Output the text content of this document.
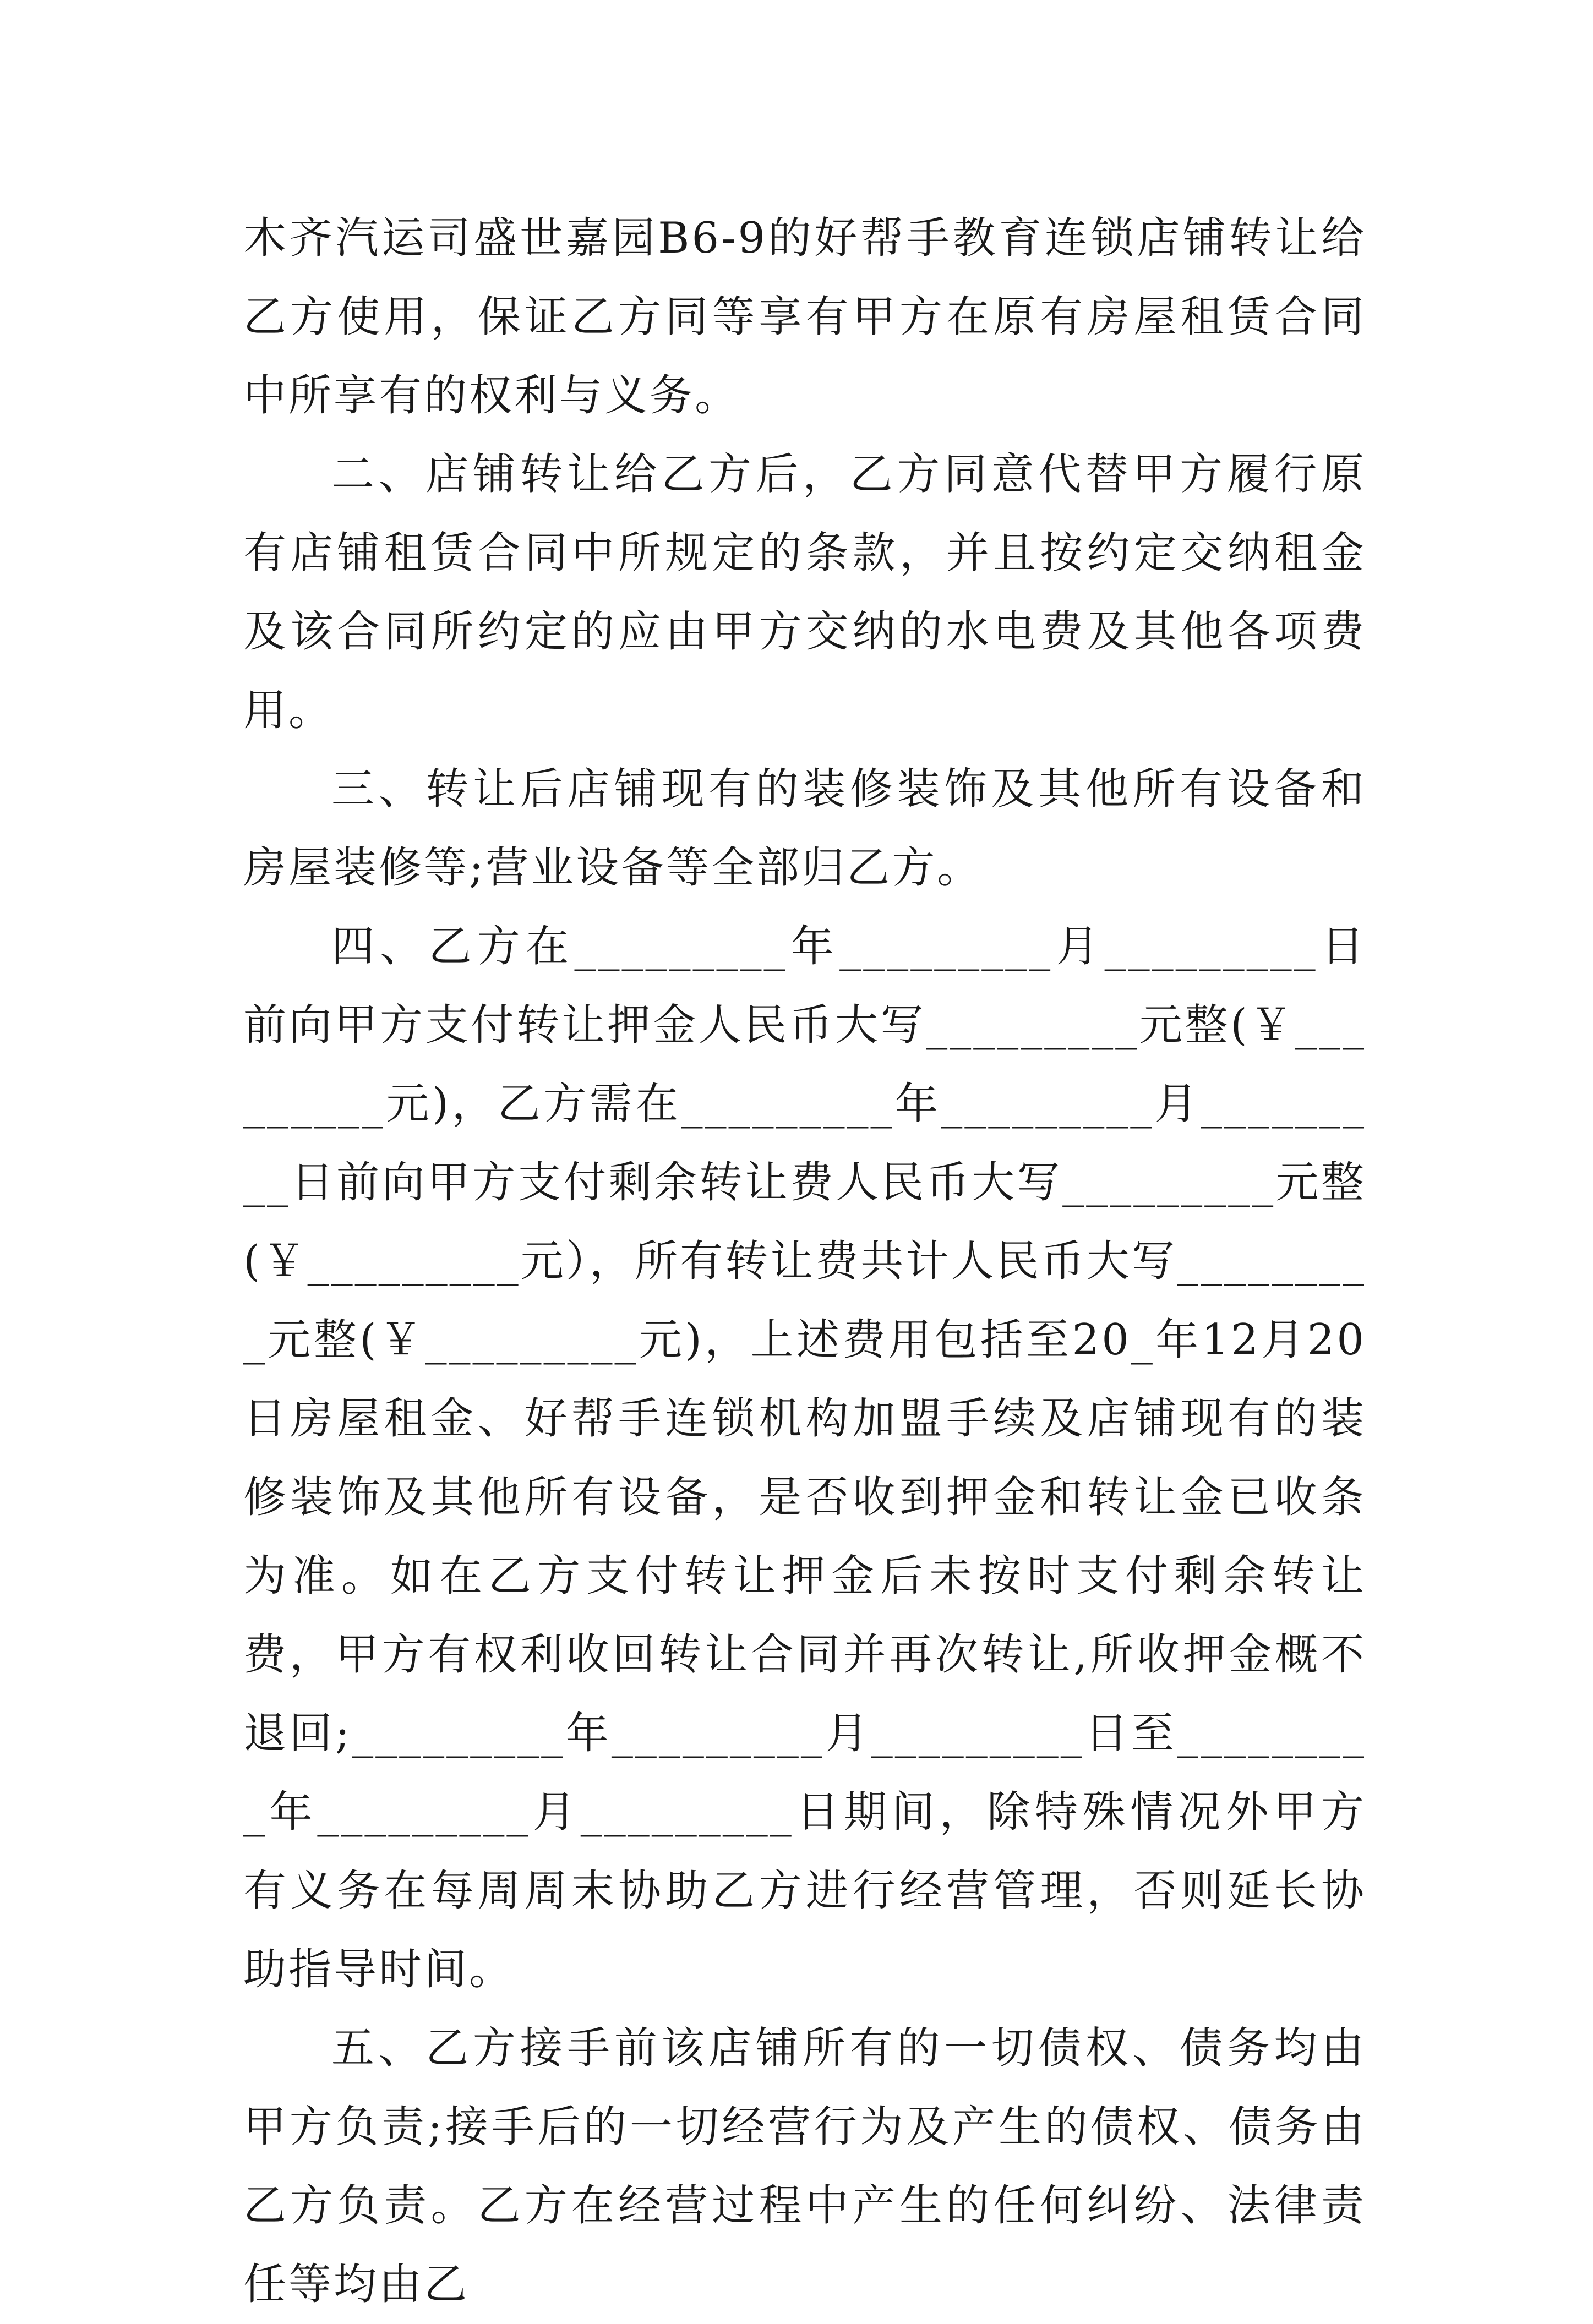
木齐汽运司盛世嘉园B6-9的好帮手教育连锁店铺转让给乙方使用，保证乙方同等享有甲方在原有房屋租赁合同中所享有的权利与义务。

二、店铺转让给乙方后，乙方同意代替甲方履行原有店铺租赁合同中所规定的条款，并且按约定交纳租金及该合同所约定的应由甲方交纳的水电费及其他各项费用。

三、转让后店铺现有的装修装饰及其他所有设备和房屋装修等;营业设备等全部归乙方。

四、乙方在_________年_________月_________日前向甲方支付转让押金人民币大写_________元整(￥_________元)，乙方需在_________年_________月_________日前向甲方支付剩余转让费人民币大写_________元整(￥_________元），所有转让费共计人民币大写_________元整(￥_________元)，上述费用包括至20_年12月20日房屋租金、好帮手连锁机构加盟手续及店铺现有的装修装饰及其他所有设备，是否收到押金和转让金已收条为准。如在乙方支付转让押金后未按时支付剩余转让费，甲方有权利收回转让合同并再次转让,所收押金概不退回;_________年_________月_________日至_________年_________月_________日期间，除特殊情况外甲方有义务在每周周末协助乙方进行经营管理，否则延长协助指导时间。

五、乙方接手前该店铺所有的一切债权、债务均由甲方负责;接手后的一切经营行为及产生的债权、债务由乙方负责。乙方在经营过程中产生的任何纠纷、法律责任等均由乙
